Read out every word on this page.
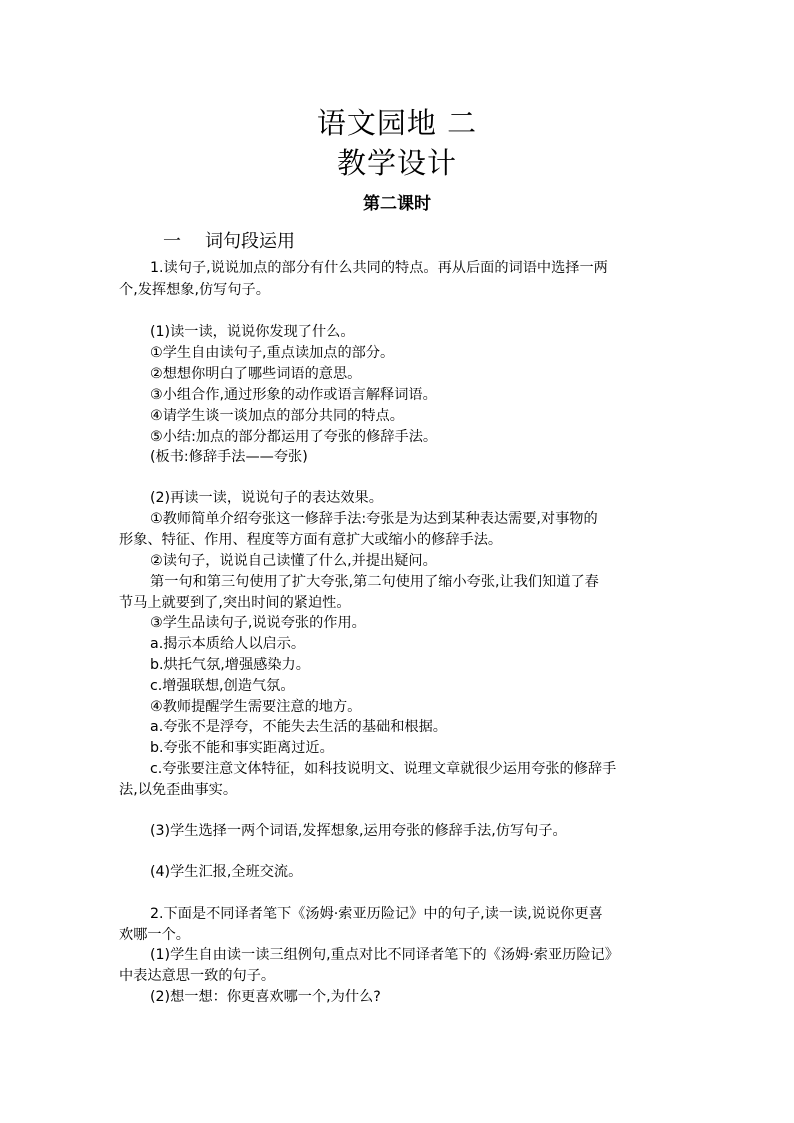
语文园地 二
教学设计
第二课时
一 词句段运用
1.读句子,说说加点的部分有什么共同的特点。再从后面的词语中选择一两
个,发挥想象,仿写句子。
(1)读一读，说说你发现了什么。
①学生自由读句子,重点读加点的部分。
②想想你明白了哪些词语的意思。
③小组合作,通过形象的动作或语言解释词语。
④请学生谈一谈加点的部分共同的特点。
⑤小结:加点的部分都运用了夸张的修辞手法。
(板书:修辞手法——夸张)
(2)再读一读，说说句子的表达效果。
①教师简单介绍夸张这一修辞手法:夸张是为达到某种表达需要,对事物的
形象、特征、作用、程度等方面有意扩大或缩小的修辞手法。
②读句子，说说自己读懂了什么,并提出疑问。
第一句和第三句使用了扩大夸张,第二句使用了缩小夸张,让我们知道了春
节马上就要到了,突出时间的紧迫性。
③学生品读句子,说说夸张的作用。
a.揭示本质给人以启示。
b.烘托气氛,增强感染力。
c.增强联想,创造气氛。
④教师提醒学生需要注意的地方。
a.夸张不是浮夸，不能失去生活的基础和根据。
b.夸张不能和事实距离过近。
c.夸张要注意文体特征，如科技说明文、说理文章就很少运用夸张的修辞手
法,以免歪曲事实。
(3)学生选择一两个词语,发挥想象,运用夸张的修辞手法,仿写句子。
(4)学生汇报,全班交流。
2.下面是不同译者笔下《汤姆·索亚历险记》中的句子,读一读,说说你更喜
欢哪一个。
(1)学生自由读一读三组例句,重点对比不同译者笔下的《汤姆·索亚历险记》
中表达意思一致的句子。
(2)想一想：你更喜欢哪一个,为什么?
